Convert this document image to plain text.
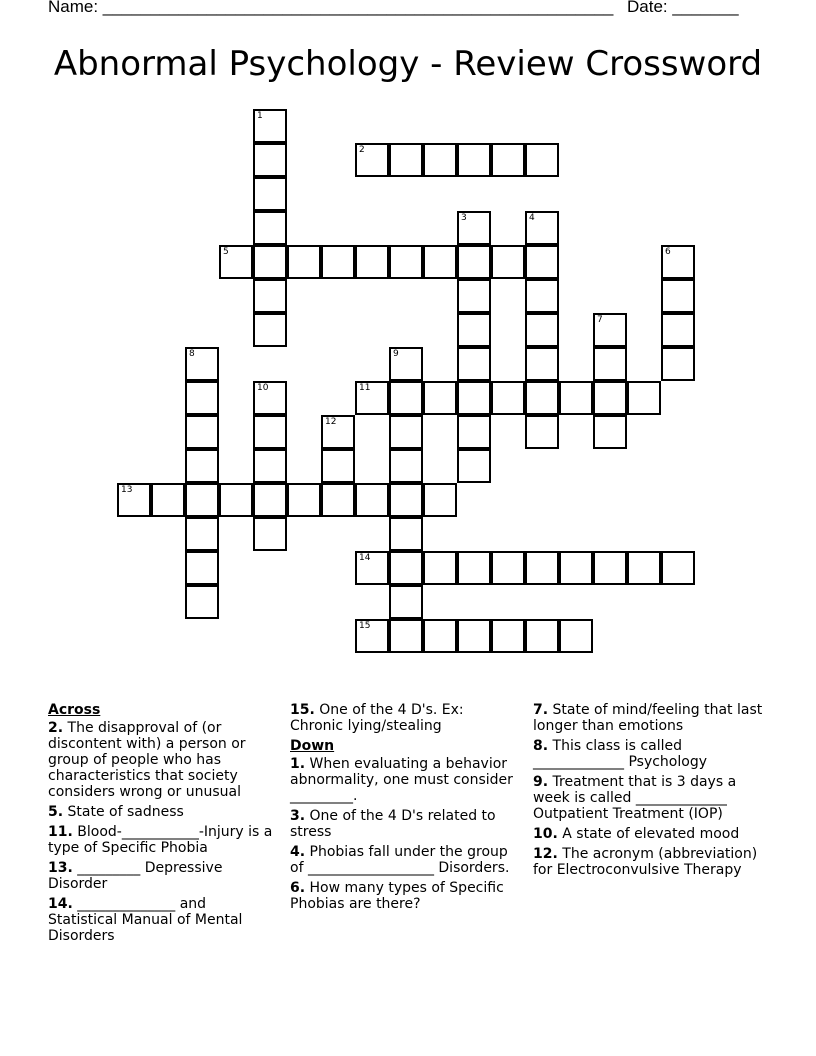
Name: ______________________________________________________ Date: _______
Abnormal Psychology - Review Crossword
1
2
3	4
5	6
7
8	9
10	11
12
13
14
15
Across
2. The disapproval of (or discontent with) a person or group of people who has characteristics that society considers wrong or unusual
5. State of sadness
11. Blood-___________-Injury is a type of Specific Phobia
13. _________ Depressive Disorder
14. ______________ and Statistical Manual of Mental Disorders
15. One of the 4 D's. Ex: Chronic lying/stealing
Down
1. When evaluating a behavior abnormality, one must consider _________.
3. One of the 4 D's related to stress
4. Phobias fall under the group of __________________ Disorders.
6. How many types of Specific Phobias are there?
7. State of mind/feeling that last longer than emotions
8. This class is called _____________ Psychology
9. Treatment that is 3 days a week is called _____________ Outpatient Treatment (IOP)
10. A state of elevated mood
12. The acronym (abbreviation) for Electroconvulsive Therapy
